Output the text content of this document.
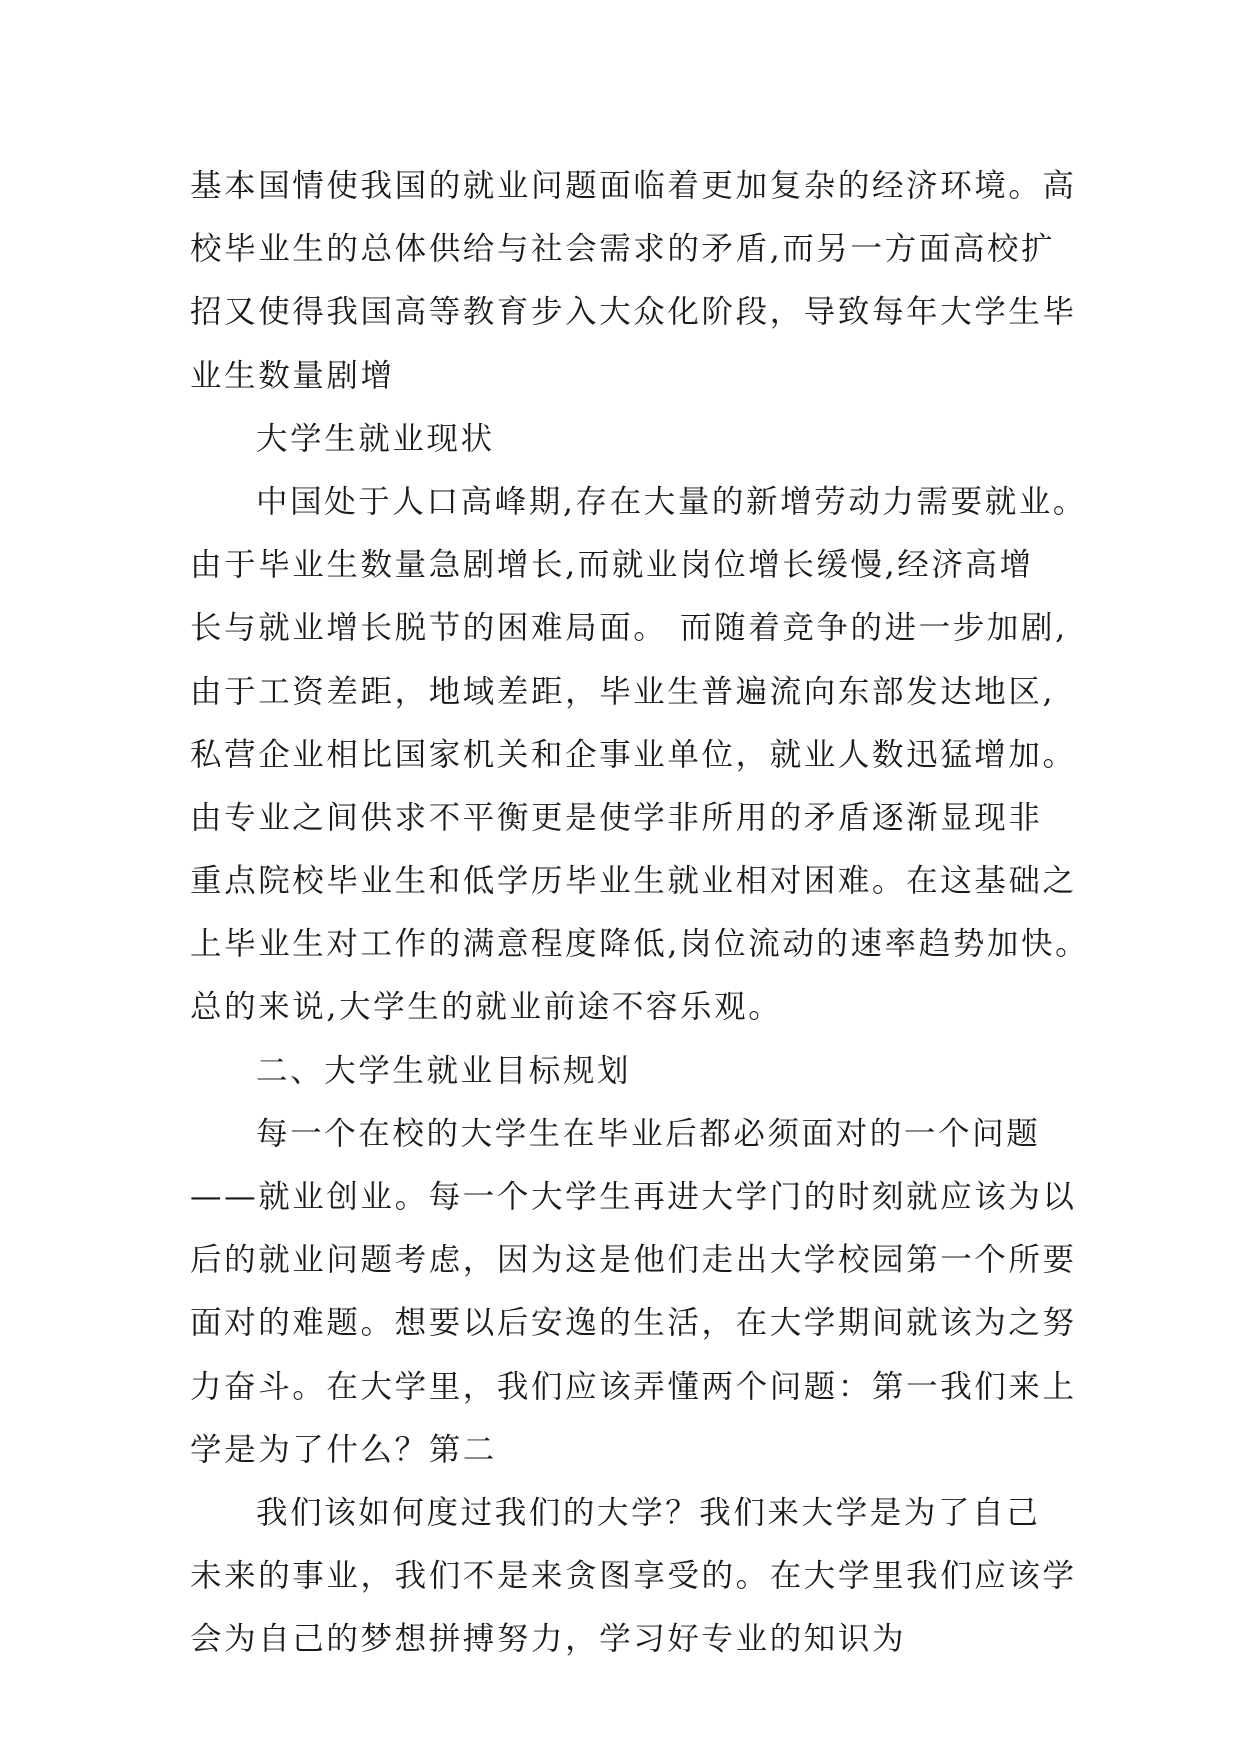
基本国情使我国的就业问题面临着更加复杂的经济环境。高
校毕业生的总体供给与社会需求的矛盾,而另一方面高校扩
招又使得我国高等教育步入大众化阶段，导致每年大学生毕
业生数量剧增
大学生就业现状
中国处于人口高峰期,存在大量的新增劳动力需要就业。
由于毕业生数量急剧增长,而就业岗位增长缓慢,经济高增
长与就业增长脱节的困难局面。 而随着竞争的进一步加剧,
由于工资差距，地域差距，毕业生普遍流向东部发达地区,
私营企业相比国家机关和企事业单位，就业人数迅猛增加。
由专业之间供求不平衡更是使学非所用的矛盾逐渐显现非
重点院校毕业生和低学历毕业生就业相对困难。在这基础之
上毕业生对工作的满意程度降低,岗位流动的速率趋势加快。
总的来说,大学生的就业前途不容乐观。
二、大学生就业目标规划
每一个在校的大学生在毕业后都必须面对的一个问题
——就业创业。每一个大学生再进大学门的时刻就应该为以
后的就业问题考虑，因为这是他们走出大学校园第一个所要
面对的难题。想要以后安逸的生活，在大学期间就该为之努
力奋斗。在大学里，我们应该弄懂两个问题：第一我们来上
学是为了什么？第二
我们该如何度过我们的大学？我们来大学是为了自己
未来的事业，我们不是来贪图享受的。在大学里我们应该学
会为自己的梦想拼搏努力，学习好专业的知识为
